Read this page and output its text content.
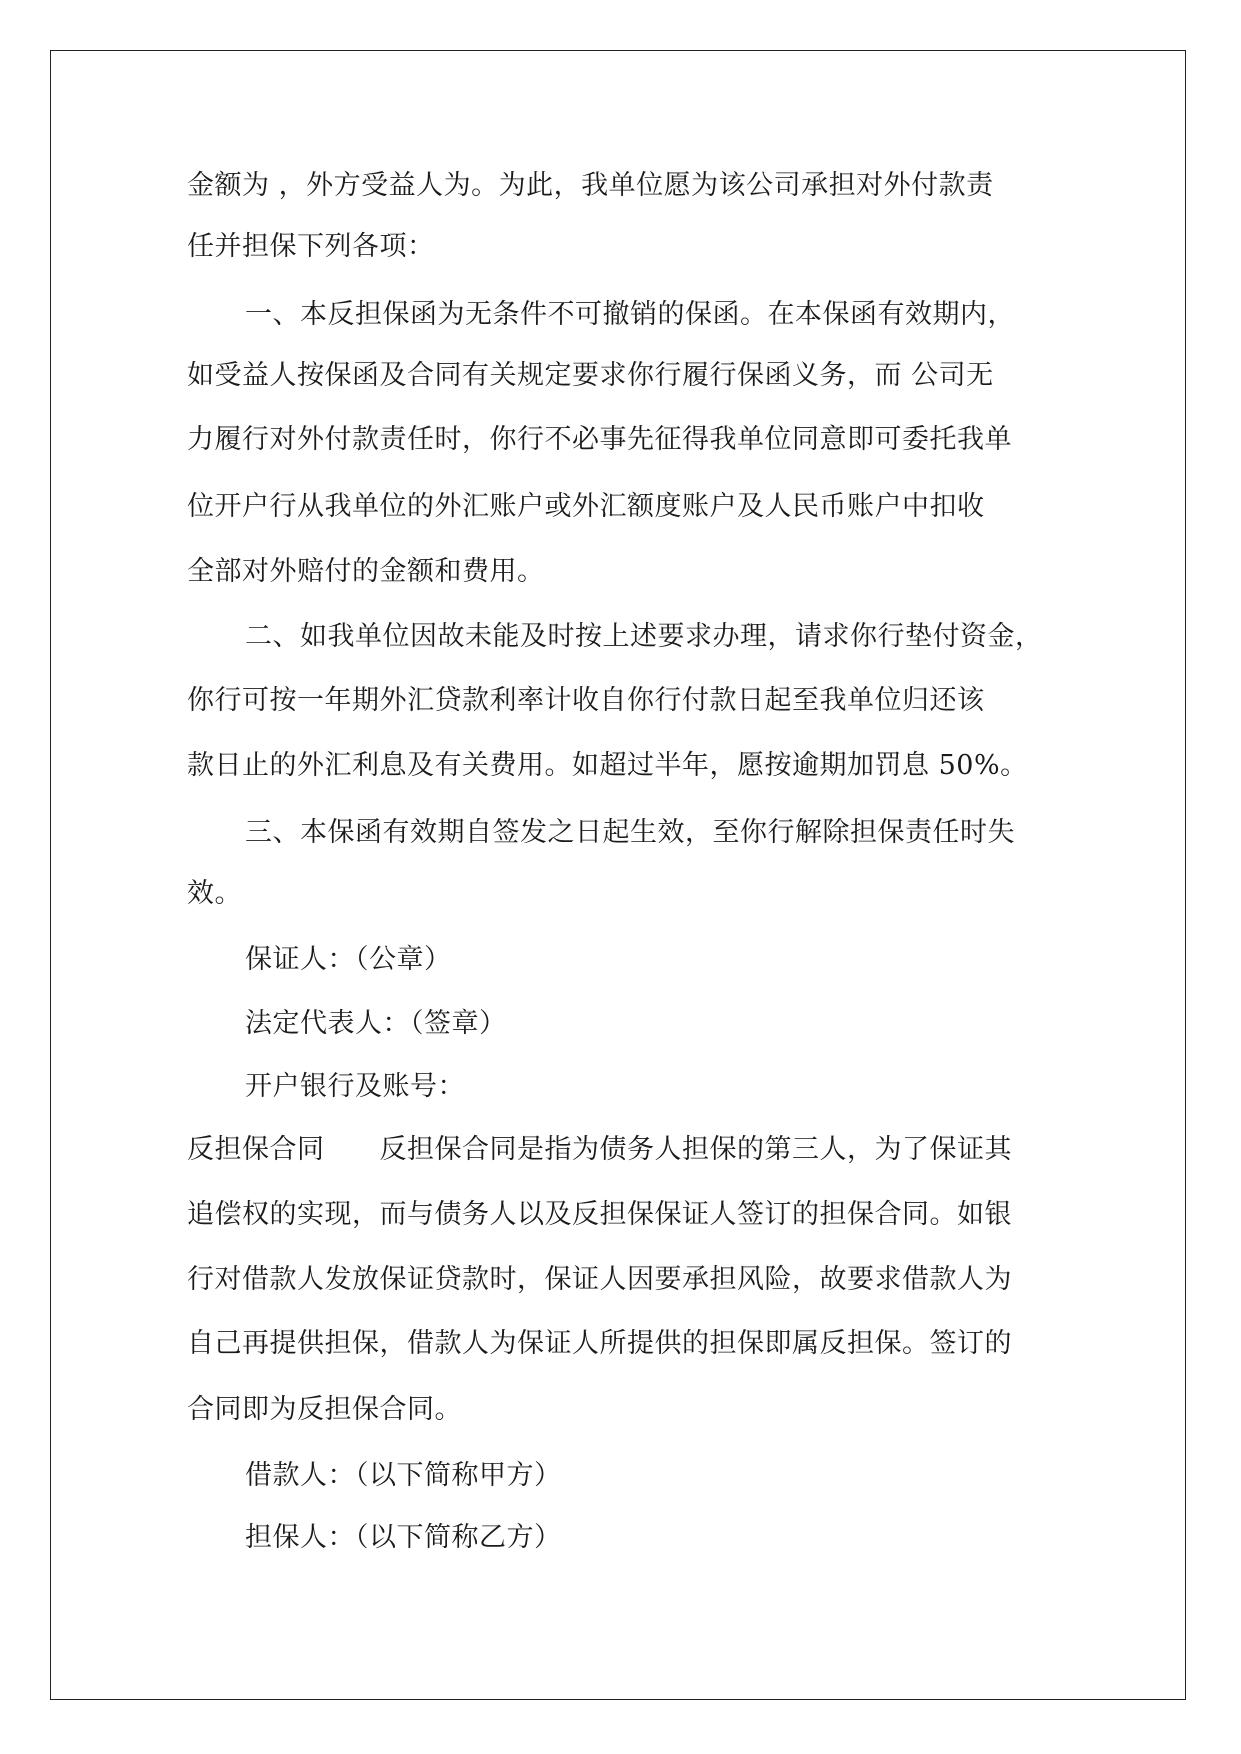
金额为 ，外方受益人为。为此，我单位愿为该公司承担对外付款责
任并担保下列各项：
一、本反担保函为无条件不可撤销的保函。在本保函有效期内，
如受益人按保函及合同有关规定要求你行履行保函义务，而 公司无
力履行对外付款责任时，你行不必事先征得我单位同意即可委托我单
位开户行从我单位的外汇账户或外汇额度账户及人民币账户中扣收
全部对外赔付的金额和费用。
二、如我单位因故未能及时按上述要求办理，请求你行垫付资金，
你行可按一年期外汇贷款利率计收自你行付款日起至我单位归还该
款日止的外汇利息及有关费用。如超过半年，愿按逾期加罚息 50%。
三、本保函有效期自签发之日起生效，至你行解除担保责任时失
效。
保证人：（公章）
法定代表人：（签章）
开户银行及账号：
反担保合同　　反担保合同是指为债务人担保的第三人，为了保证其
追偿权的实现，而与债务人以及反担保保证人签订的担保合同。如银
行对借款人发放保证贷款时，保证人因要承担风险，故要求借款人为
自己再提供担保，借款人为保证人所提供的担保即属反担保。签订的
合同即为反担保合同。
借款人：（以下简称甲方）
担保人：（以下简称乙方）
